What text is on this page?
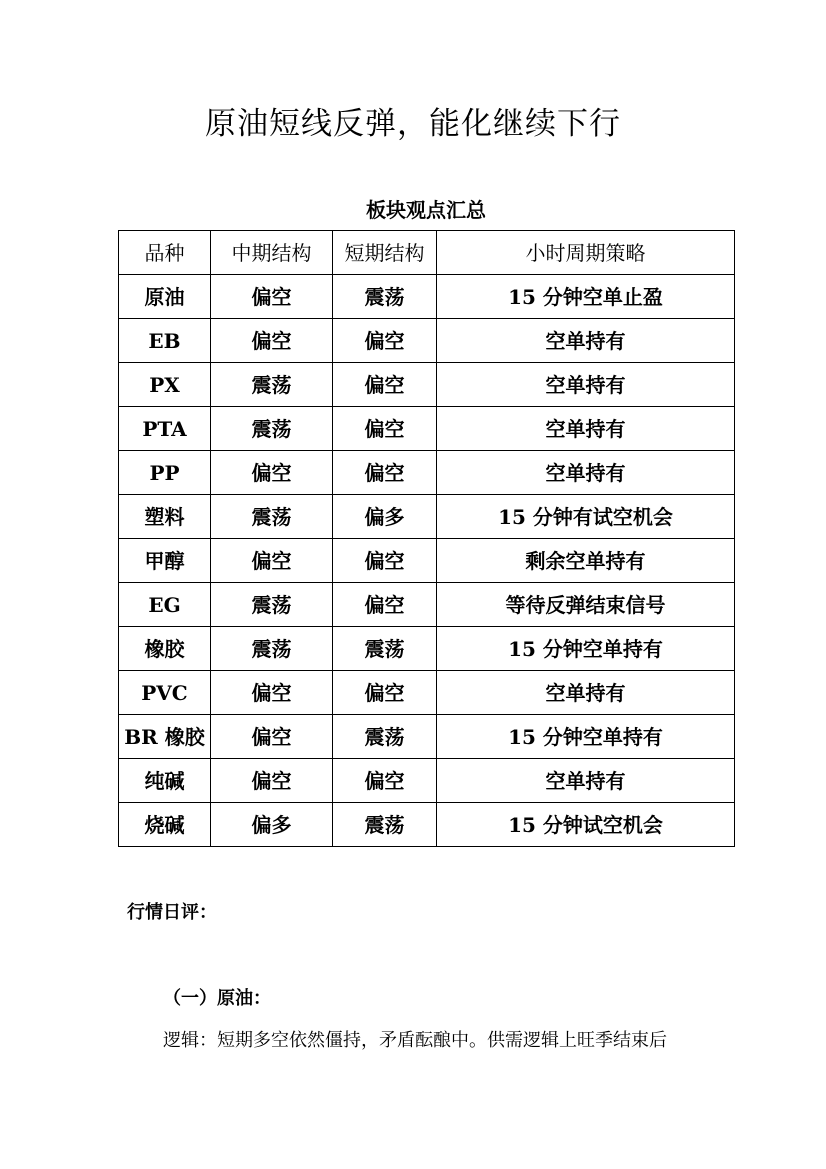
原油短线反弹，能化继续下行
板块观点汇总
品种	中期结构	短期结构	小时周期策略
原油	偏空	震荡	15 分钟空单止盈
EB	偏空	偏空	空单持有
PX	震荡	偏空	空单持有
PTA	震荡	偏空	空单持有
PP	偏空	偏空	空单持有
塑料	震荡	偏多	15 分钟有试空机会
甲醇	偏空	偏空	剩余空单持有
EG	震荡	偏空	等待反弹结束信号
橡胶	震荡	震荡	15 分钟空单持有
PVC	偏空	偏空	空单持有
BR 橡胶	偏空	震荡	15 分钟空单持有
纯碱	偏空	偏空	空单持有
烧碱	偏多	震荡	15 分钟试空机会
行情日评：
（一）原油：
逻辑：短期多空依然僵持，矛盾酝酿中。供需逻辑上旺季结束后
